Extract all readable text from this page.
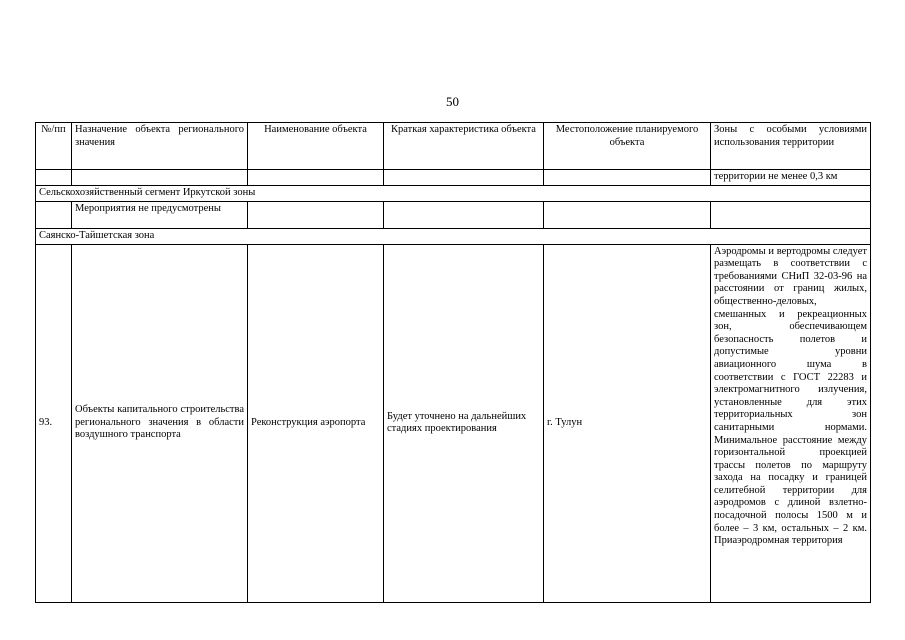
50
№/пп	Назначение объекта регионального значения	Наименование объекта	Краткая характеристика объекта	Местоположение планируемого объекта	Зоны с особыми условиями использования территории
					территории не менее 0,3 км
Сельскохозяйственный сегмент Иркутской зоны					
	Мероприятия не предусмотрены				
Саянско-Тайшетская зона					
93.	Объекты капитального строительства регионального значения в области воздушного транспорта	Реконструкция аэропорта	Будет уточнено на дальнейших стадиях проектирования	г. Тулун	Аэродромы и вертодромы следует размещать в соответствии с требованиями СНиП 32-03-96 на расстоянии от границ жилых, общественно-деловых, смешанных и рекреационных зон, обеспечивающем безопасность полетов и допустимые уровни авиационного шума в соответствии с ГОСТ 22283 и электромагнитного излучения, установленные для этих территориальных зон санитарными нормами. Минимальное расстояние между горизонтальной проекцией трассы полетов по маршруту захода на посадку и границей селитебной территории для аэродромов с длиной взлетно-посадочной полосы 1500 м и более – 3 км, остальных – 2 км. Приаэродромная территория
